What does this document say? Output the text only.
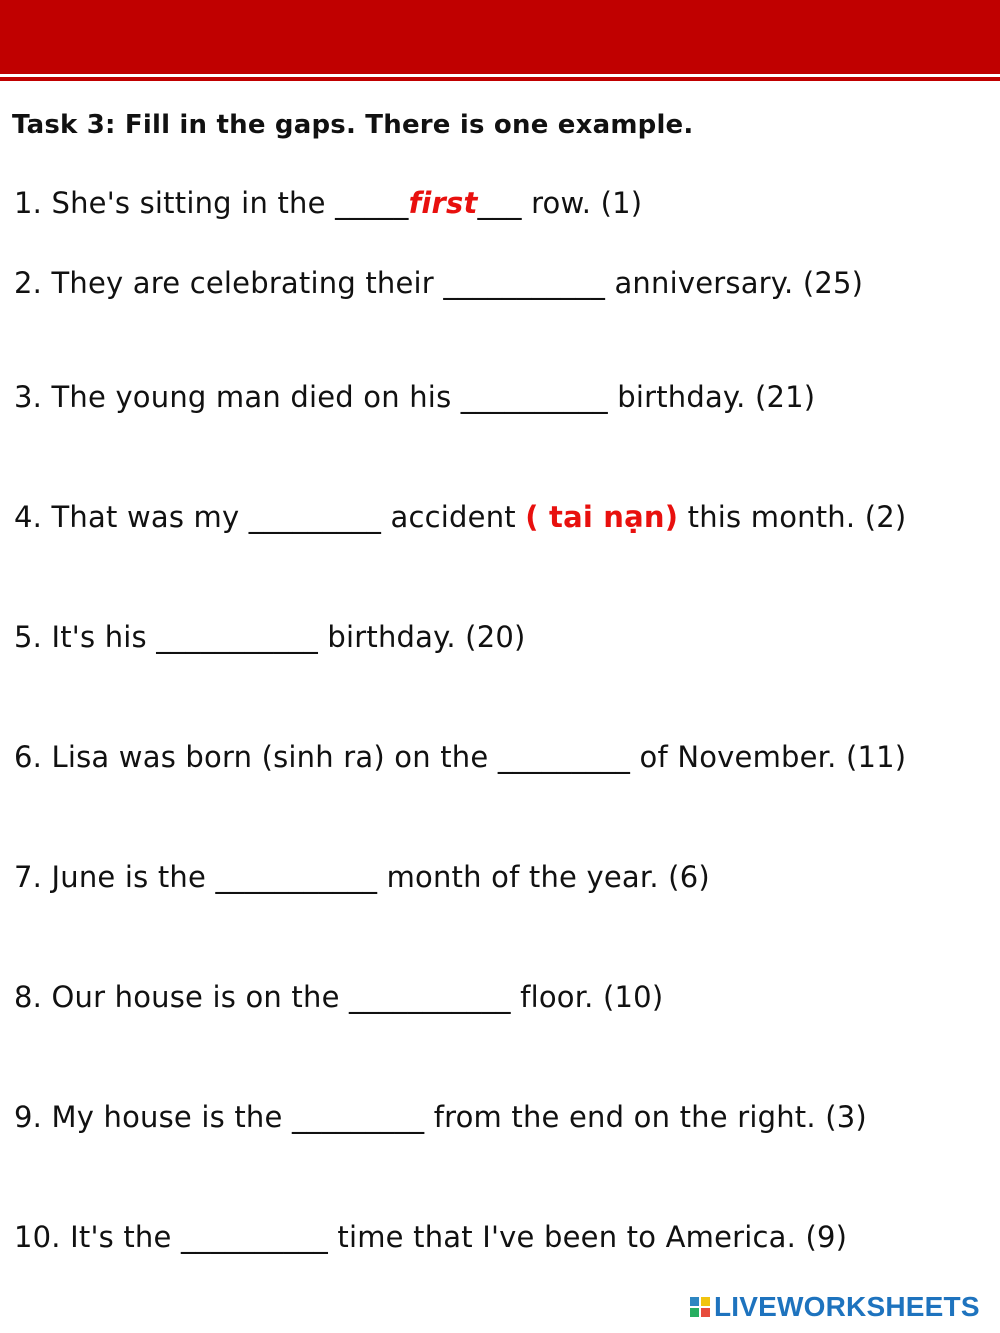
Task 3: Fill in the gaps. There is one example.
1. She's sitting in the _____first___ row. (1)
2. They are celebrating their ___________ anniversary. (25)
3. The young man died on his __________ birthday. (21)
4. That was my _________ accident ( tai nạn) this month. (2)
5. It's his ___________ birthday. (20)
6. Lisa was born (sinh ra) on the _________ of November. (11)
7. June is the ___________ month of the year. (6)
8. Our house is on the ___________ floor. (10)
9. My house is the _________ from the end on the right. (3)
10. It's the __________ time that I've been to America. (9)
LIVEWORKSHEETS
